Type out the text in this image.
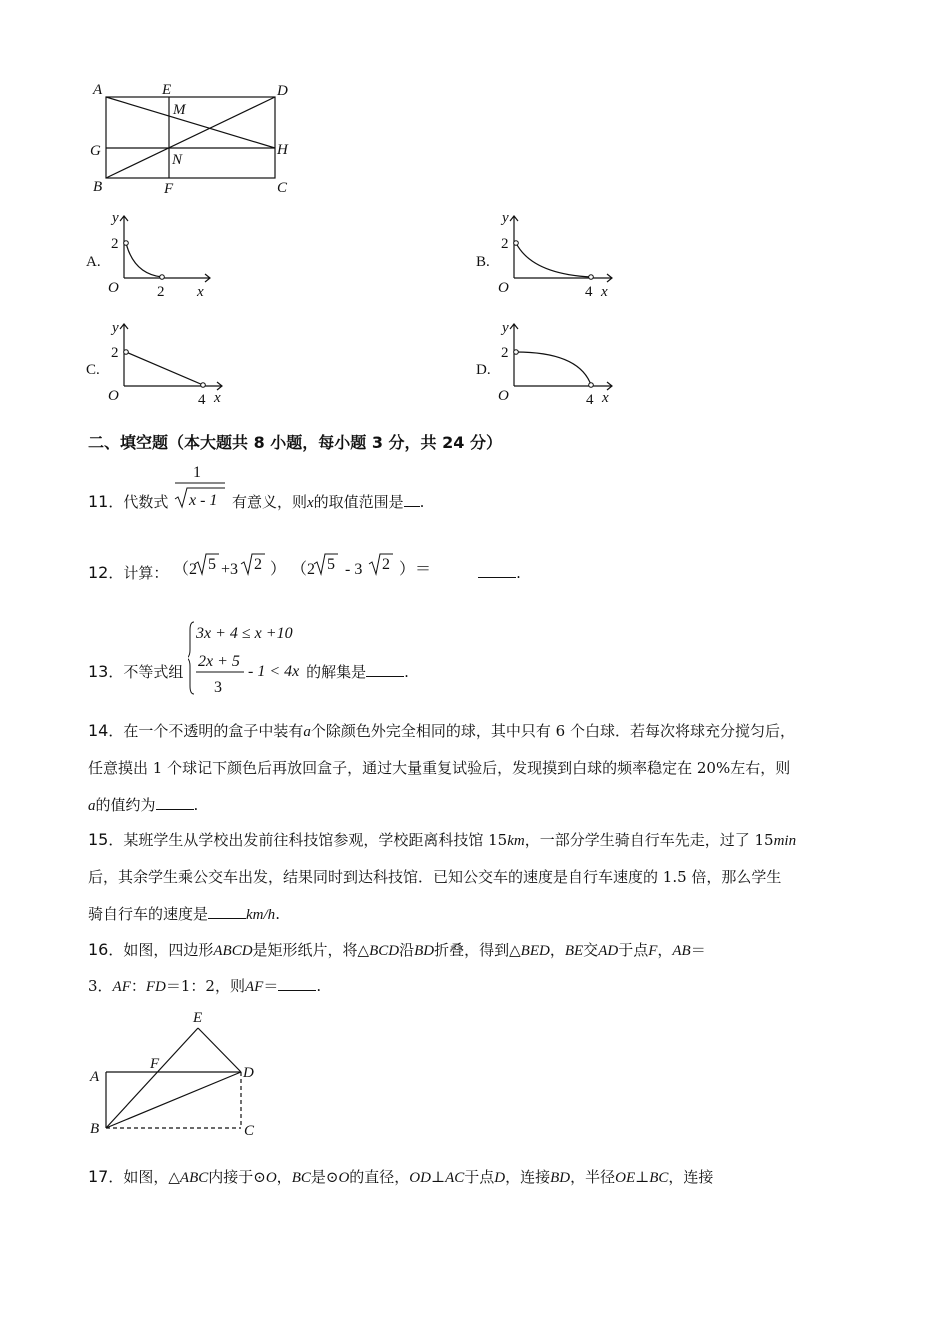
A	E	D
M
G
N
H
B	F	C
A.
y
2
O	2 x
B.
y
2
O	4 x
C.
y
2
O	4 x
D.
y
2
O	4 x
二、填空题（本大题共 8 小题，每小题 3 分，共 24 分）
11．代数式
1
x - 1 有意义，则x的取值范围是 .
12．计算： （2 5 +3 2 ） （2 5 - 3 2 ）＝	.
13．不等式组
3x + 4 ≤ x +10
2x + 5
3
- 1 < 4x 的解集是	.
14．在一个不透明的盒子中装有a个除颜色外完全相同的球，其中只有 6 个白球．若每次将球充分搅匀后，
任意摸出 1 个球记下颜色后再放回盒子，通过大量重复试验后，发现摸到白球的频率稳定在 20%左右，则
a的值约为	.
15．某班学生从学校出发前往科技馆参观，学校距离科技馆 15km，一部分学生骑自行车先走，过了 15min
后，其余学生乘公交车出发，结果同时到达科技馆．已知公交车的速度是自行车速度的 1.5 倍，那么学生
骑自行车的速度是	km/h.
16．如图，四边形ABCD是矩形纸片，将△BCD沿BD折叠，得到△BED，BE交AD于点F，AB＝
3．AF：FD＝1：2，则AF＝	.
E
A
F
D
B	C
17．如图，△ABC内接于⊙O，BC是⊙O的直径，OD⊥AC于点D，连接BD，半径OE⊥BC，连接
